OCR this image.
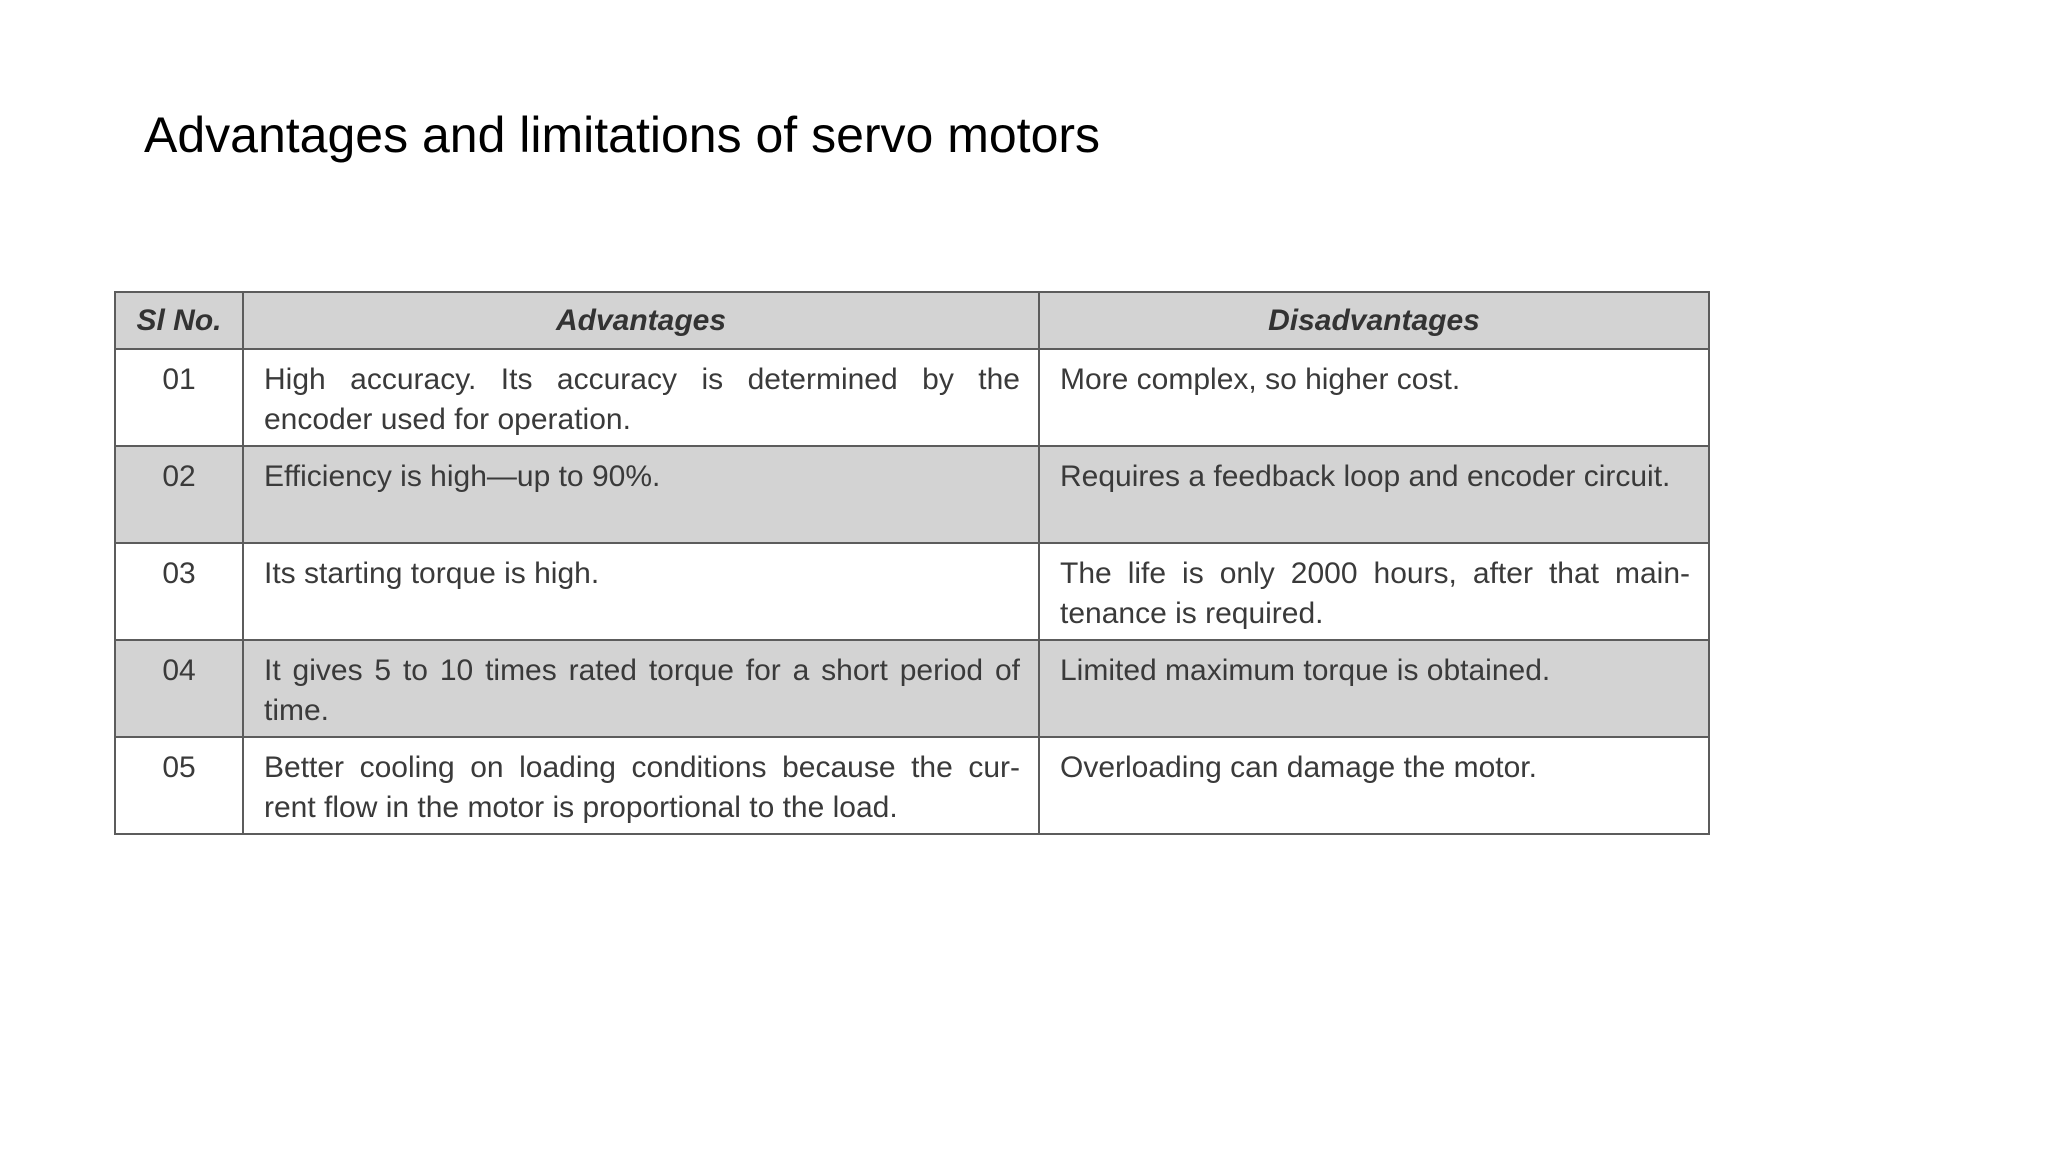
Advantages and limitations of servo motors
Sl No.	Advantages	Disadvantages
01	High accuracy. Its accuracy is determined by the encoder used for operation.	More complex, so higher cost.
02	Efficiency is high—up to 90%.	Requires a feedback loop and encoder circuit.
03	Its starting torque is high.	The life is only 2000 hours, after that main-tenance is required.
04	It gives 5 to 10 times rated torque for a short period of time.	Limited maximum torque is obtained.
05	Better cooling on loading conditions because the cur-rent flow in the motor is proportional to the load.	Overloading can damage the motor.
